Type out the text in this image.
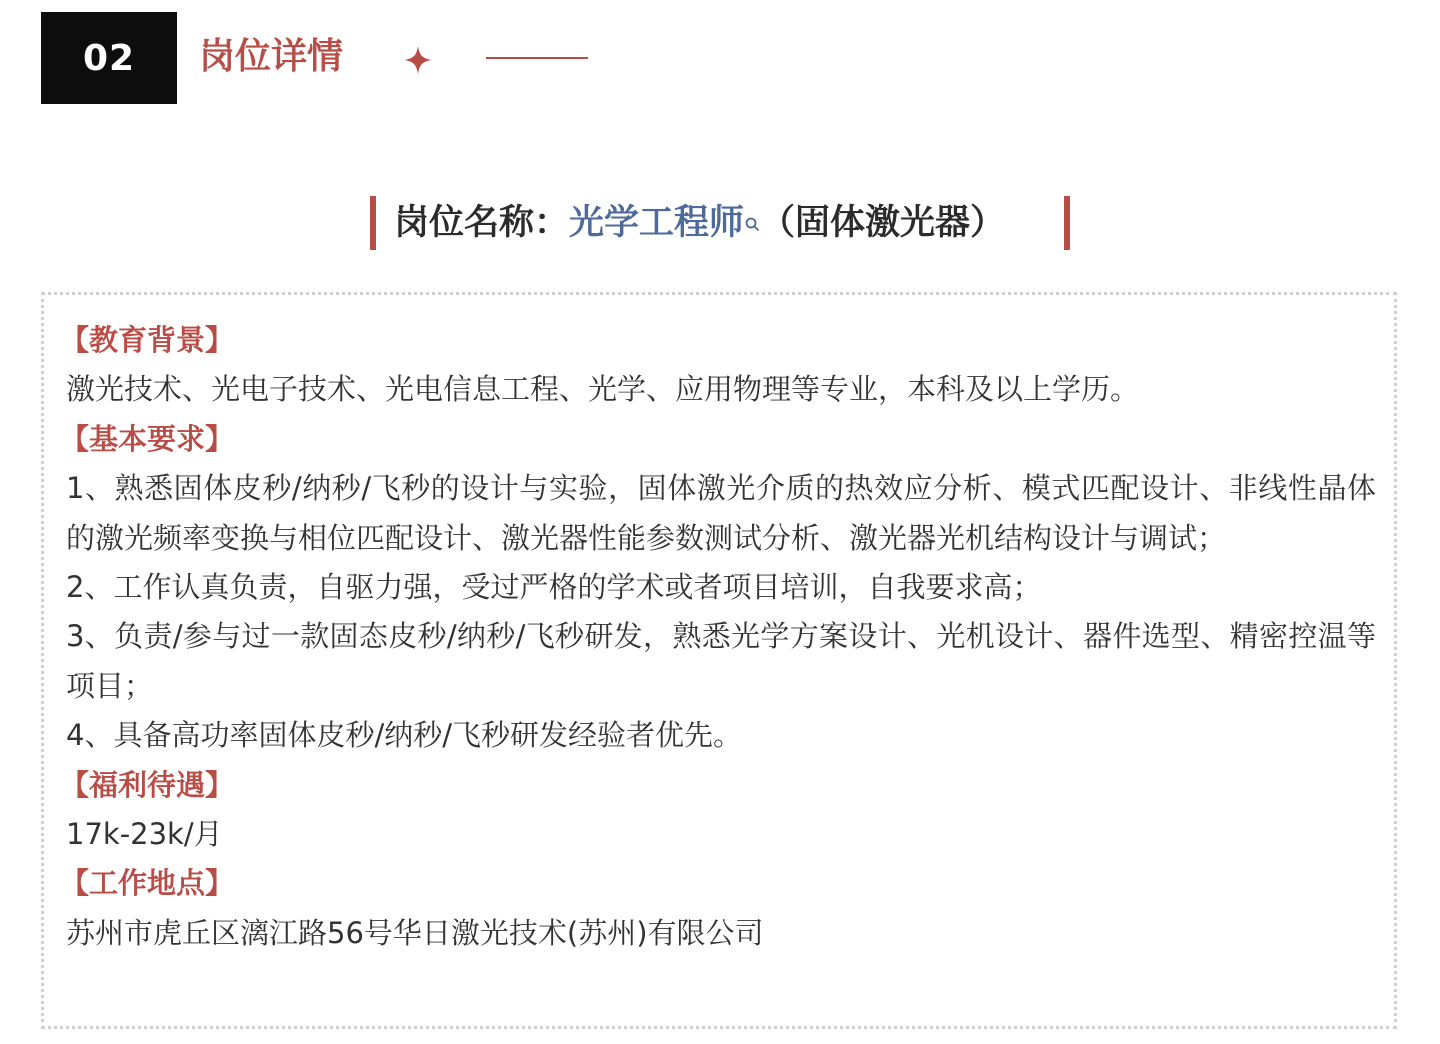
02 岗位详情
岗位名称：光学工程师 （固体激光器）

【教育背景】

激光技术、光电子技术、光电信息工程、光学、应用物理等专业，本科及以上学历。

【基本要求】

1、熟悉固体皮秒/纳秒/飞秒的设计与实验，固体激光介质的热效应分析、模式匹配设计、非线性晶体的激光频率变换与相位匹配设计、激光器性能参数测试分析、激光器光机结构设计与调试；

2、工作认真负责，自驱力强，受过严格的学术或者项目培训，自我要求高；

3、负责/参与过一款固态皮秒/纳秒/飞秒研发，熟悉光学方案设计、光机设计、器件选型、精密控温等项目；

4、具备高功率固体皮秒/纳秒/飞秒研发经验者优先。

【福利待遇】

17k-23k/月

【工作地点】

苏州市虎丘区漓江路56号华日激光技术(苏州)有限公司
